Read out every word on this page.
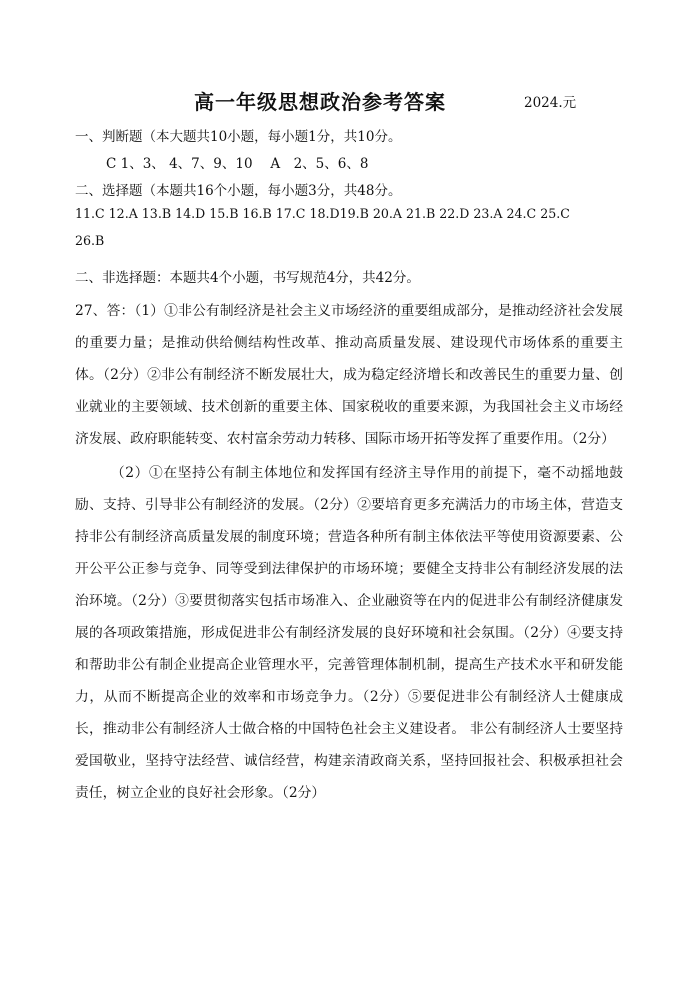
高一年级思想政治参考答案	2024.元
一、判断题（本大题共10小题，每小题1分，共10分。
C 1、3、 4、7、9、10 　A　2、5、6、8
二、选择题（本题共16个小题，每小题3分，共48分。
11.C 12.A 13.B 14.D 15.B 16.B 17.C 18.D19.B 20.A 21.B 22.D 23.A 24.C 25.C
26.B
二、非选择题：本题共4个小题，书写规范4分，共42分。
27、答：（1）①非公有制经济是社会主义市场经济的重要组成部分，是推动经济社会发展的重要力量；是推动供给侧结构性改革、推动高质量发展、建设现代市场体系的重要主体。（2分）②非公有制经济不断发展壮大，成为稳定经济增长和改善民生的重要力量、创业就业的主要领域、技术创新的重要主体、国家税收的重要来源，为我国社会主义市场经济发展、政府职能转变、农村富余劳动力转移、国际市场开拓等发挥了重要作用。（2分）
（2）①在坚持公有制主体地位和发挥国有经济主导作用的前提下，毫不动摇地鼓励、支持、引导非公有制经济的发展。（2分）②要培育更多充满活力的市场主体，营造支持非公有制经济高质量发展的制度环境；营造各种所有制主体依法平等使用资源要素、公开公平公正参与竞争、同等受到法律保护的市场环境；要健全支持非公有制经济发展的法治环境。（2分）③要贯彻落实包括市场准入、企业融资等在内的促进非公有制经济健康发展的各项政策措施，形成促进非公有制经济发展的良好环境和社会氛围。（2分）④要支持和帮助非公有制企业提高企业管理水平，完善管理体制机制，提高生产技术水平和研发能力，从而不断提高企业的效率和市场竞争力。（2分）⑤要促进非公有制经济人士健康成长，推动非公有制经济人士做合格的中国特色社会主义建设者。 非公有制经济人士要坚持爱国敬业，坚持守法经营、诚信经营，构建亲清政商关系，坚持回报社会、积极承担社会责任，树立企业的良好社会形象。（2分）
